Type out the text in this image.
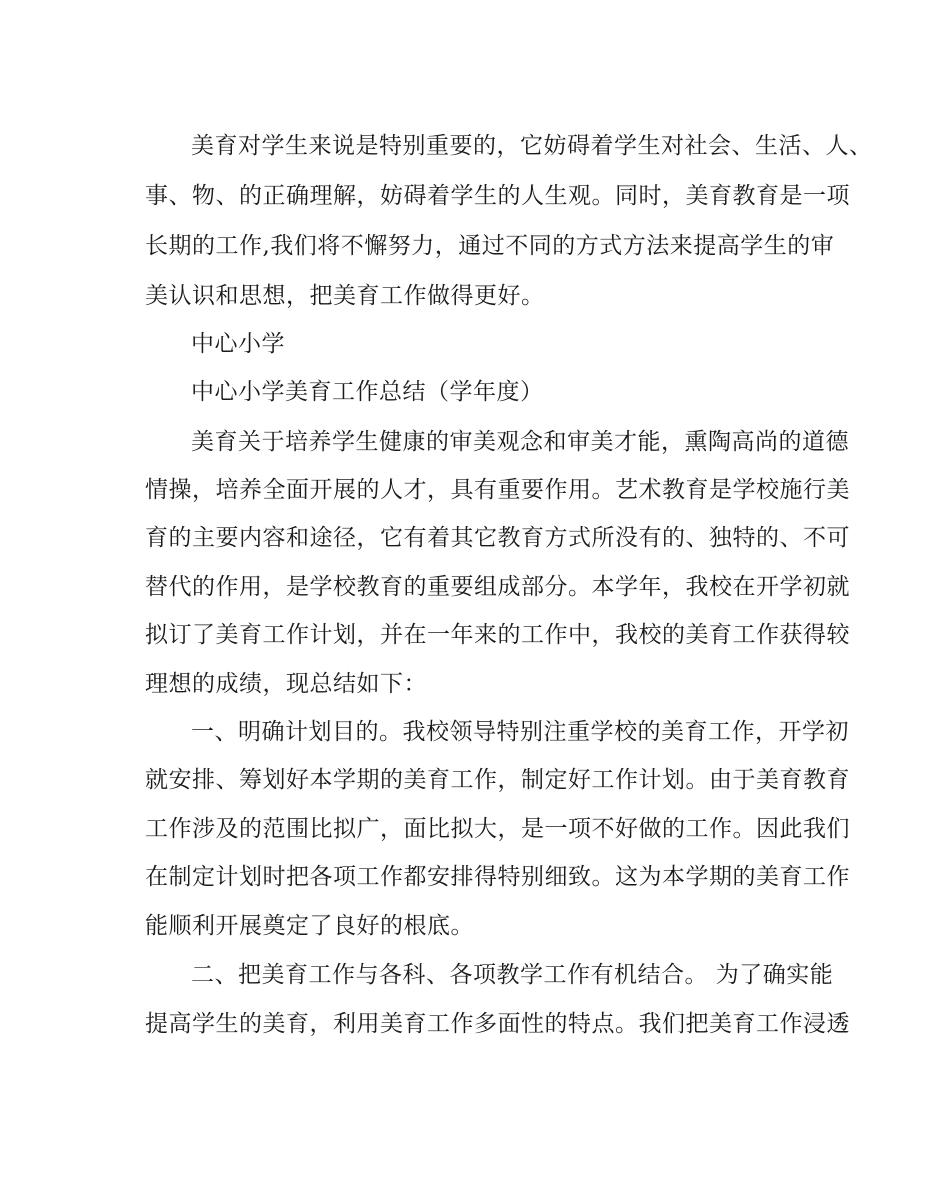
美育对学生来说是特别重要的，它妨碍着学生对社会、生活、人、
事、物、的正确理解，妨碍着学生的人生观。同时，美育教育是一项
长期的工作,我们将不懈努力，通过不同的方式方法来提高学生的审
美认识和思想，把美育工作做得更好。
中心小学
中心小学美育工作总结（学年度）
美育关于培养学生健康的审美观念和审美才能，熏陶高尚的道德
情操，培养全面开展的人才，具有重要作用。艺术教育是学校施行美
育的主要内容和途径，它有着其它教育方式所没有的、独特的、不可
替代的作用，是学校教育的重要组成部分。本学年，我校在开学初就
拟订了美育工作计划，并在一年来的工作中，我校的美育工作获得较
理想的成绩，现总结如下：
一、明确计划目的。我校领导特别注重学校的美育工作，开学初
就安排、筹划好本学期的美育工作，制定好工作计划。由于美育教育
工作涉及的范围比拟广，面比拟大，是一项不好做的工作。因此我们
在制定计划时把各项工作都安排得特别细致。这为本学期的美育工作
能顺利开展奠定了良好的根底。
二、把美育工作与各科、各项教学工作有机结合。 为了确实能
提高学生的美育，利用美育工作多面性的特点。我们把美育工作浸透
